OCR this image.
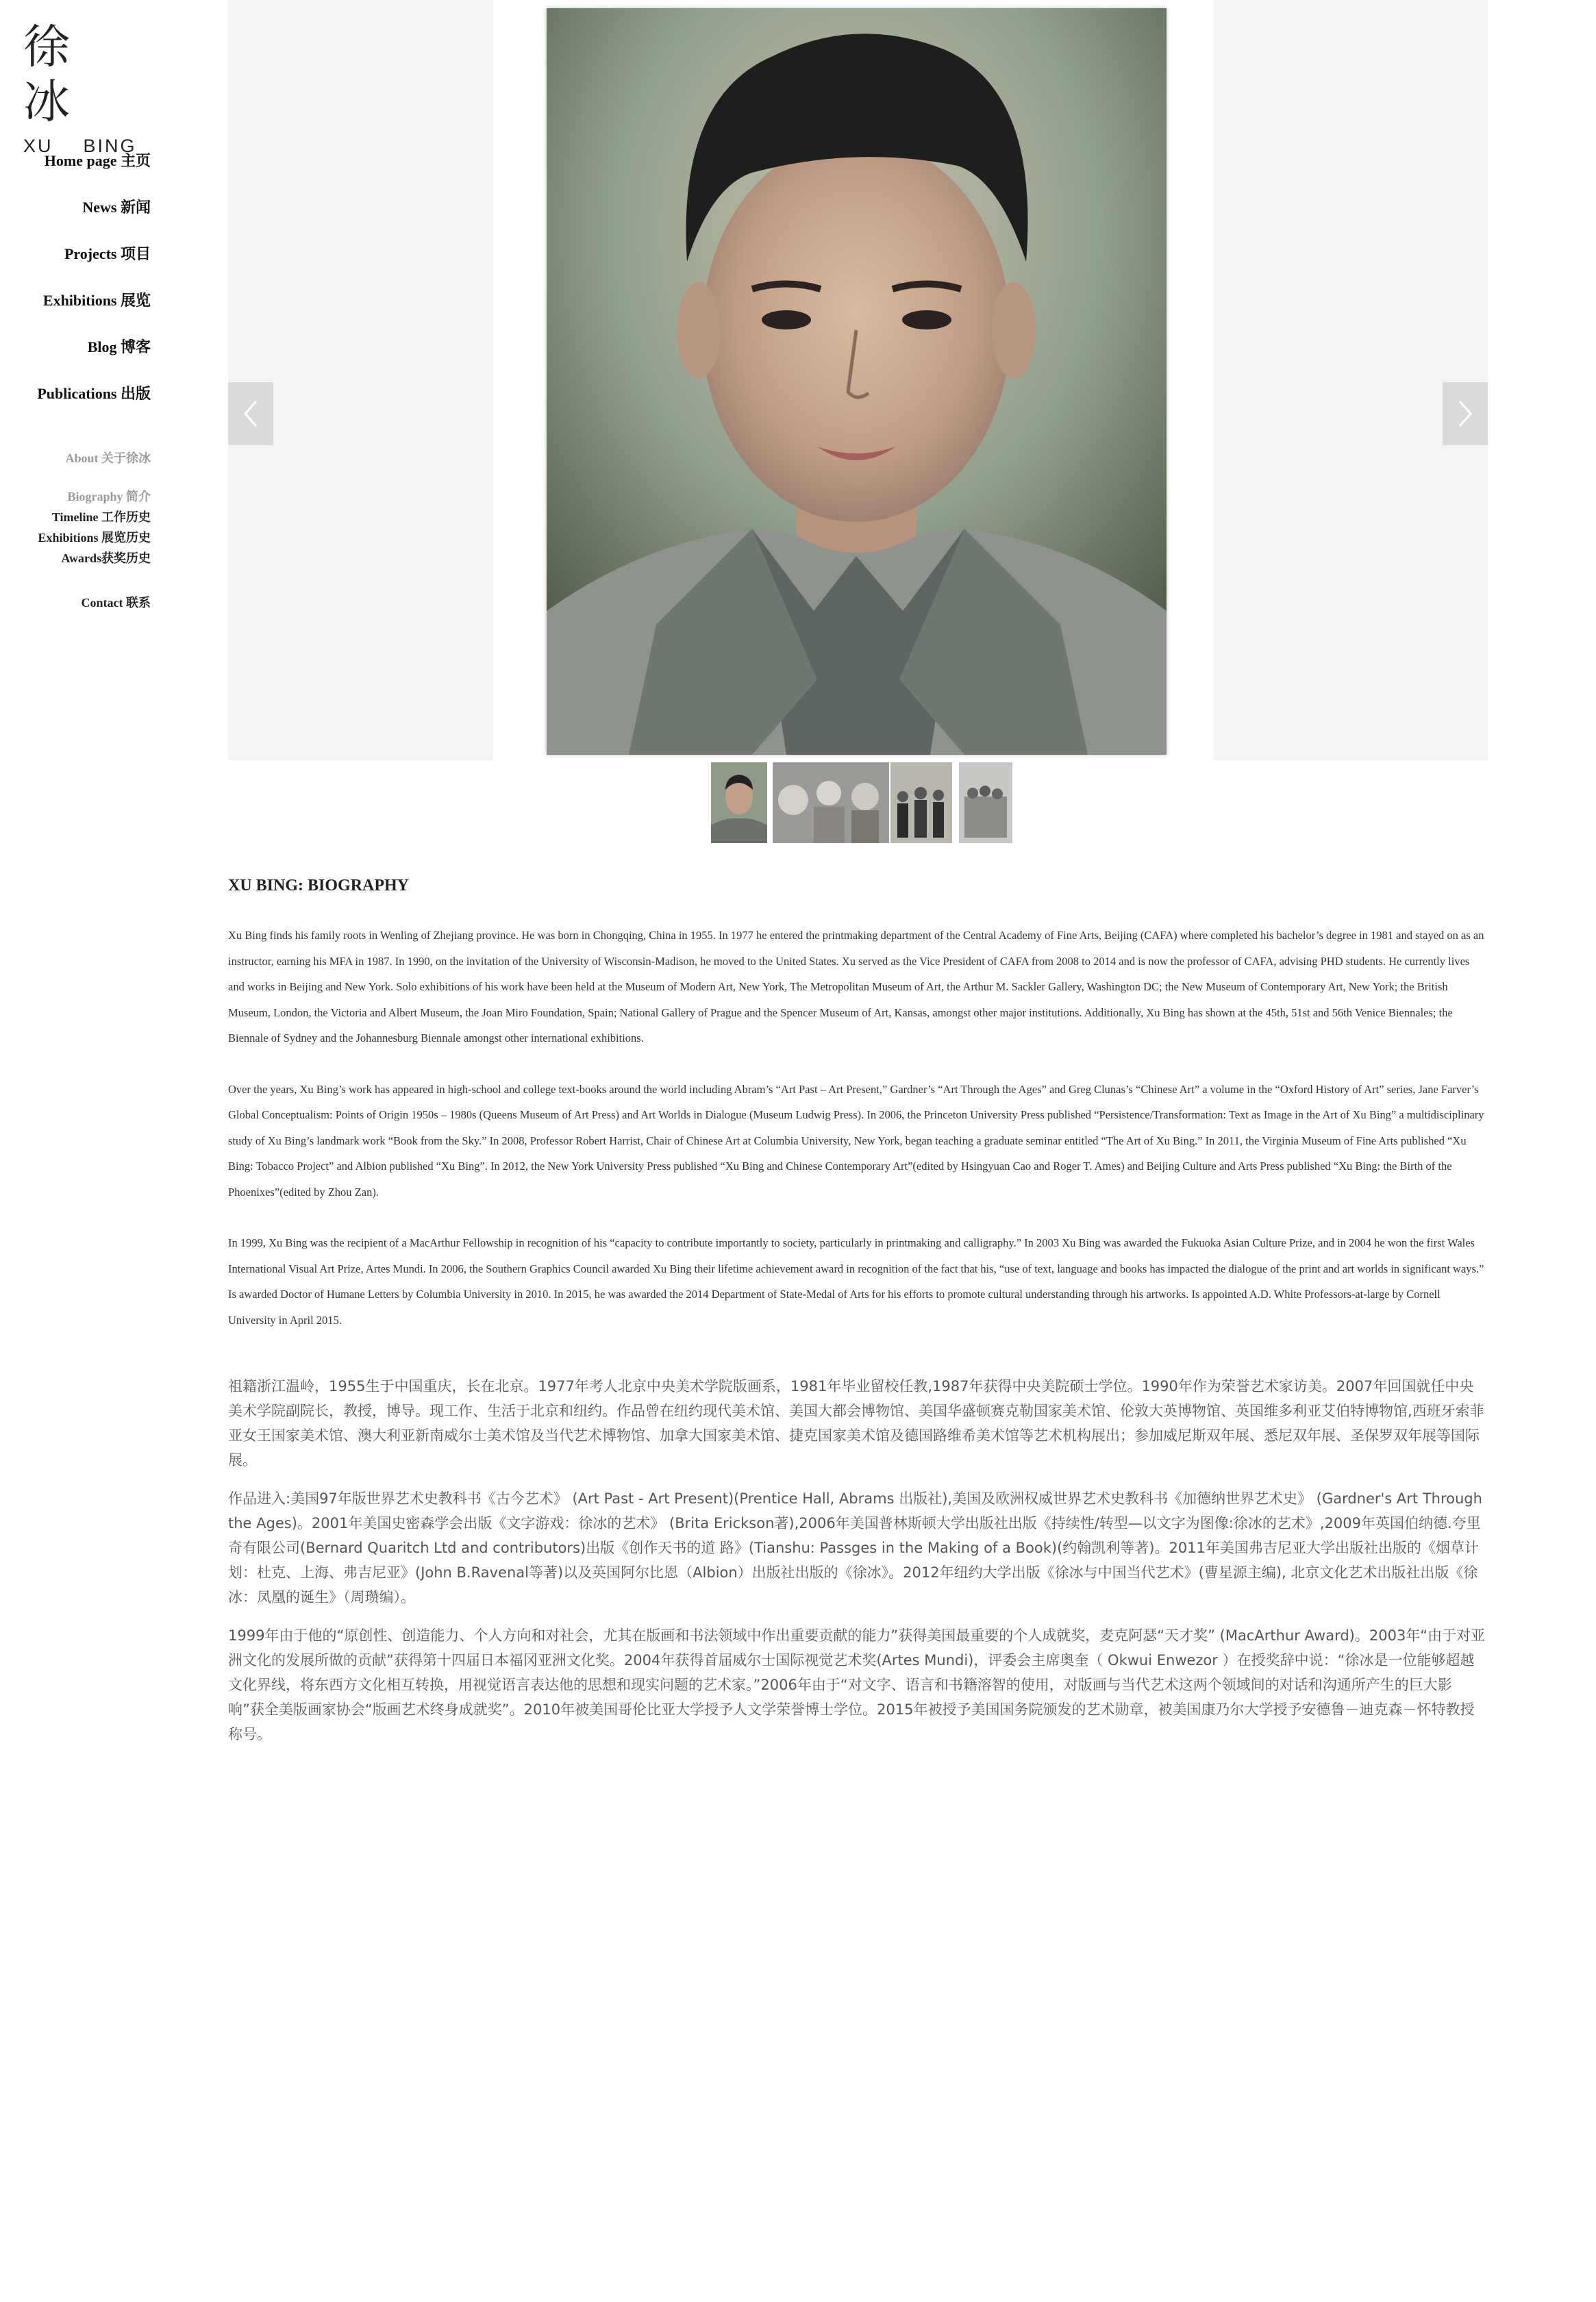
徐 冰
XU BING
Home page 主页
News 新闻
Projects 项目
Exhibitions 展览
Blog 博客
Publications 出版
About 关于徐冰
Biography 简介
Timeline 工作历史
Exhibitions 展览历史
Awards获奖历史
Contact 联系
XU BING: BIOGRAPHY

Xu Bing finds his family roots in Wenling of Zhejiang province. He was born in Chongqing, China in 1955. In 1977 he entered the printmaking department of the Central Academy of Fine Arts, Beijing (CAFA) where completed his bachelor’s degree in 1981 and stayed on as an instructor, earning his MFA in 1987. In 1990, on the invitation of the University of Wisconsin-Madison, he moved to the United States. Xu served as the Vice President of CAFA from 2008 to 2014 and is now the professor of CAFA, advising PHD students. He currently lives and works in Beijing and New York. Solo exhibitions of his work have been held at the Museum of Modern Art, New York, The Metropolitan Museum of Art, the Arthur M. Sackler Gallery, Washington DC; the New Museum of Contemporary Art, New York; the British Museum, London, the Victoria and Albert Museum, the Joan Miro Foundation, Spain; National Gallery of Prague and the Spencer Museum of Art, Kansas, amongst other major institutions. Additionally, Xu Bing has shown at the 45th, 51st and 56th Venice Biennales; the Biennale of Sydney and the Johannesburg Biennale amongst other international exhibitions.

Over the years, Xu Bing’s work has appeared in high-school and college text-books around the world including Abram’s “Art Past – Art Present,” Gardner’s “Art Through the Ages” and Greg Clunas’s “Chinese Art” a volume in the “Oxford History of Art” series, Jane Farver’s Global Conceptualism: Points of Origin 1950s – 1980s (Queens Museum of Art Press) and Art Worlds in Dialogue (Museum Ludwig Press). In 2006, the Princeton University Press published “Persistence/Transformation: Text as Image in the Art of Xu Bing” a multidisciplinary study of Xu Bing’s landmark work “Book from the Sky.” In 2008, Professor Robert Harrist, Chair of Chinese Art at Columbia University, New York, began teaching a graduate seminar entitled “The Art of Xu Bing.” In 2011, the Virginia Museum of Fine Arts published “Xu Bing: Tobacco Project” and Albion published “Xu Bing”. In 2012, the New York University Press published “Xu Bing and Chinese Contemporary Art”(edited by Hsingyuan Cao and Roger T. Ames) and Beijing Culture and Arts Press published “Xu Bing: the Birth of the Phoenixes”(edited by Zhou Zan).

In 1999, Xu Bing was the recipient of a MacArthur Fellowship in recognition of his “capacity to contribute importantly to society, particularly in printmaking and calligraphy.” In 2003 Xu Bing was awarded the Fukuoka Asian Culture Prize, and in 2004 he won the first Wales International Visual Art Prize, Artes Mundi. In 2006, the Southern Graphics Council awarded Xu Bing their lifetime achievement award in recognition of the fact that his, “use of text, language and books has impacted the dialogue of the print and art worlds in significant ways.” Is awarded Doctor of Humane Letters by Columbia University in 2010. In 2015, he was awarded the 2014 Department of State-Medal of Arts for his efforts to promote cultural understanding through his artworks. Is appointed A.D. White Professors-at-large by Cornell University in April 2015.

祖籍浙江温岭，1955生于中国重庆，长在北京。1977年考人北京中央美术学院版画系，1981年毕业留校任教,1987年获得中央美院硕士学位。1990年作为荣誉艺术家访美。2007年回国就任中央美术学院副院长，教授，博导。现工作、生活于北京和纽约。作品曾在纽约现代美术馆、美国大都会博物馆、美国华盛顿赛克勒国家美术馆、伦敦大英博物馆、英国维多利亚艾伯特博物馆,西班牙索菲亚女王国家美术馆、澳大利亚新南威尔士美术馆及当代艺术博物馆、加拿大国家美术馆、捷克国家美术馆及德国路维希美术馆等艺术机构展出；参加威尼斯双年展、悉尼双年展、圣保罗双年展等国际展。

作品进入:美国97年版世界艺术史教科书《古今艺术》 (Art Past - Art Present)(Prentice Hall, Abrams 出版社),美国及欧洲权威世界艺术史教科书《加德纳世界艺术史》 (Gardner's Art Through the Ages)。2001年美国史密森学会出版《文字游戏：徐冰的艺术》 (Brita Erickson著),2006年美国普林斯顿大学出版社出版《持续性/转型—以文字为图像:徐冰的艺术》,2009年英国伯纳德.夸里奇有限公司(Bernard Quaritch Ltd and contributors)出版《创作天书的道 路》(Tianshu: Passges in the Making of a Book)(约翰凯利等著)。2011年美国弗吉尼亚大学出版社出版的《烟草计划：杜克、上海、弗吉尼亚》(John B.Ravenal等著)以及英国阿尔比恩（Albion）出版社出版的《徐冰》。2012年纽约大学出版《徐冰与中国当代艺术》(曹星源主编), 北京文化艺术出版社出版《徐冰：凤凰的诞生》（周瓒编）。

1999年由于他的“原创性、创造能力、个人方向和对社会，尤其在版画和书法领域中作出重要贡献的能力”获得美国最重要的个人成就奖，麦克阿瑟“天才奖” (MacArthur Award)。2003年“由于对亚洲文化的发展所做的贡献”获得第十四届日本福冈亚洲文化奖。2004年获得首届威尔士国际视觉艺术奖(Artes Mundi)，评委会主席奥奎（ Okwui Enwezor ）在授奖辞中说：“徐冰是一位能够超越文化界线，将东西方文化相互转换，用视觉语言表达他的思想和现实问题的艺术家。”2006年由于“对文字、语言和书籍溶智的使用，对版画与当代艺术这两个领域间的对话和沟通所产生的巨大影响”获全美版画家协会“版画艺术终身成就奖”。2010年被美国哥伦比亚大学授予人文学荣誉博士学位。2015年被授予美国国务院颁发的艺术勋章，被美国康乃尔大学授予安德鲁－迪克森－怀特教授称号。
